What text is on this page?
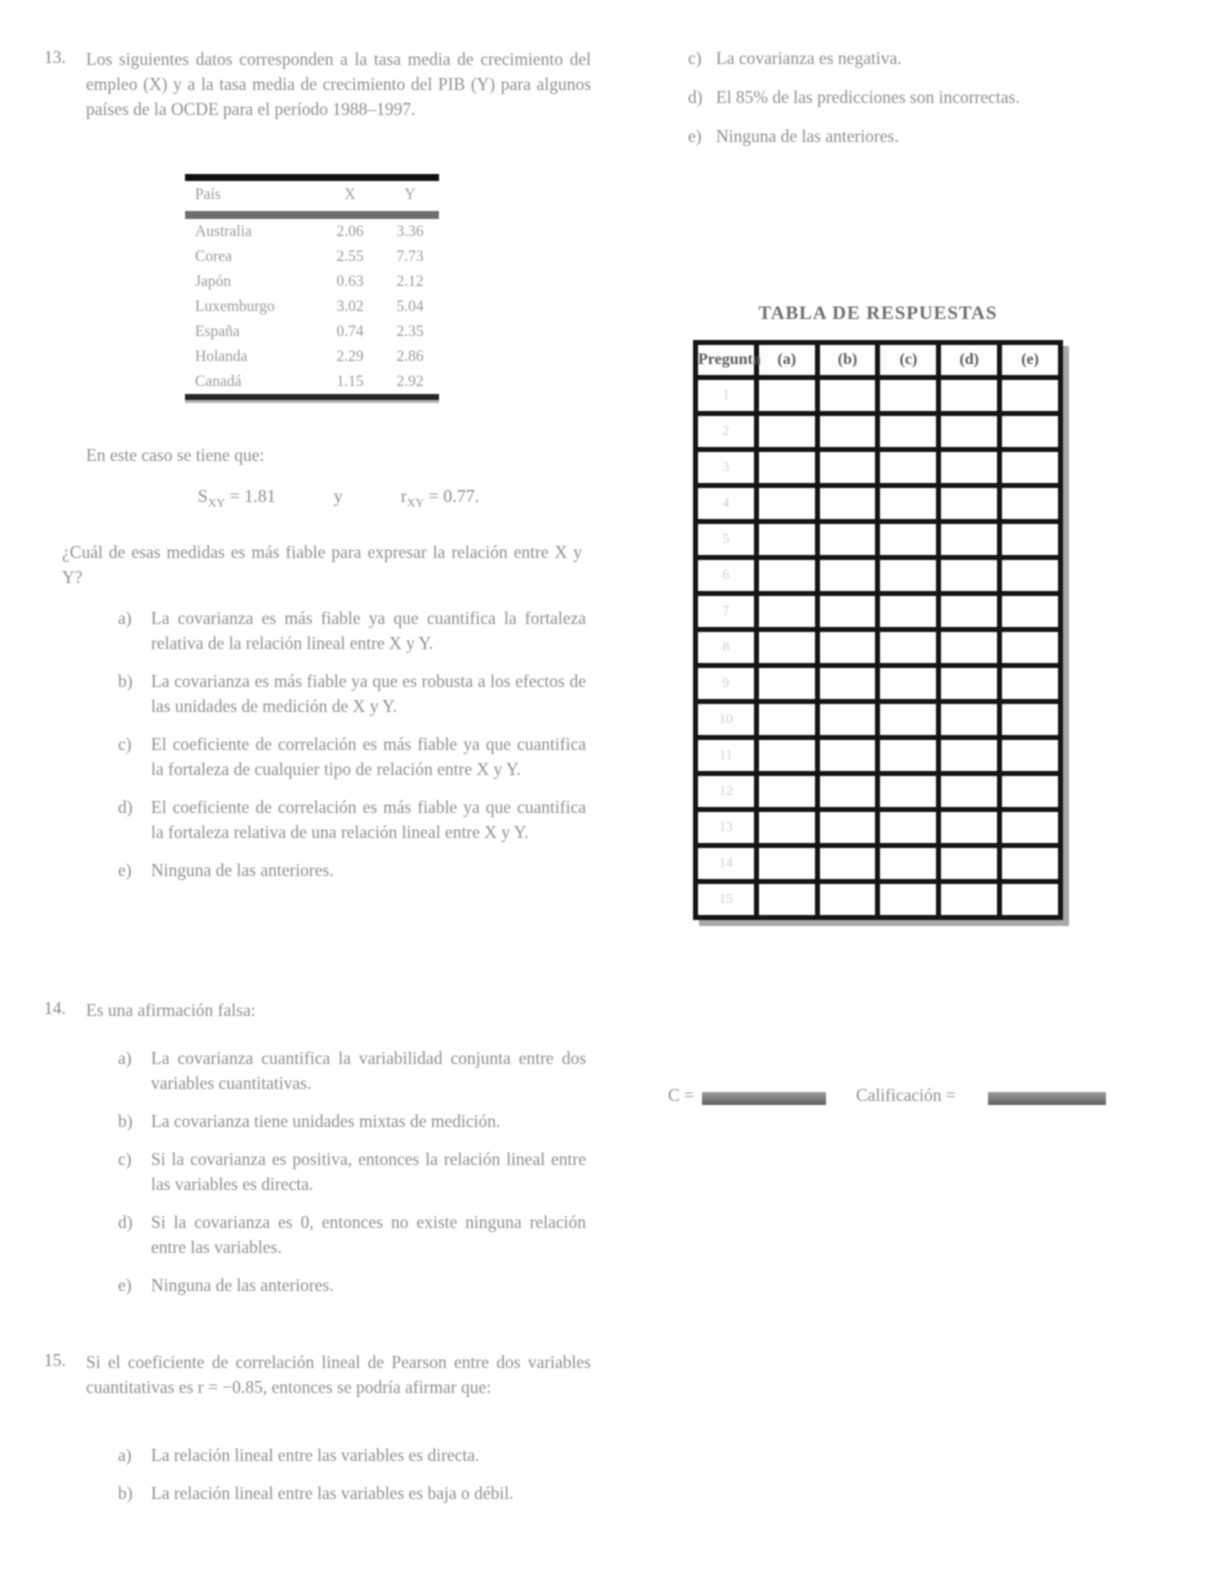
13. Los siguientes datos corresponden a la tasa media de crecimiento del empleo (X) y a la tasa media de crecimiento del PIB (Y) para algunos países de la OCDE para el período 1988–1997.
País	X	Y
Australia	2.06	3.36
Corea	2.55	7.73
Japón	0.63	2.12
Luxemburgo	3.02	5.04
España	0.74	2.35
Holanda	2.29	2.86
Canadá	1.15	2.92
En este caso se tiene que:
$S_{XY} = 1.81$	y	$r_{XY} = 0.77$.
¿Cuál de esas medidas es más fiable para expresar la relación entre X y Y?
a) La covarianza es más fiable ya que cuantifica la fortaleza relativa de la relación lineal entre X y Y.
b) La covarianza es más fiable ya que es robusta a los efectos de las unidades de medición de X y Y.
c) El coeficiente de correlación es más fiable ya que cuantifica la fortaleza de cualquier tipo de relación entre X y Y.
d) El coeficiente de correlación es más fiable ya que cuantifica la fortaleza relativa de una relación lineal entre X y Y.
e) Ninguna de las anteriores.
14. Es una afirmación falsa:
a) La covarianza cuantifica la variabilidad conjunta entre dos variables cuantitativas.
b) La covarianza tiene unidades mixtas de medición.
c) Si la covarianza es positiva, entonces la relación lineal entre las variables es directa.
d) Si la covarianza es 0, entonces no existe ninguna relación entre las variables.
e) Ninguna de las anteriores.
15. Si el coeficiente de correlación lineal de Pearson entre dos variables cuantitativas es r = −0.85, entonces se podría afirmar que:
a) La relación lineal entre las variables es directa.
b) La relación lineal entre las variables es baja o débil.
c) La covarianza es negativa.
d) El 85% de las predicciones son incorrectas.
e) Ninguna de las anteriores.
TABLA DE RESPUESTAS
Pregunta	(a)	(b)	(c)	(d)	(e)
1					
2					
3					
4					
5					
6					
7					
8					
9					
10					
11					
12					
13					
14					
15					
C =	Calificación =
